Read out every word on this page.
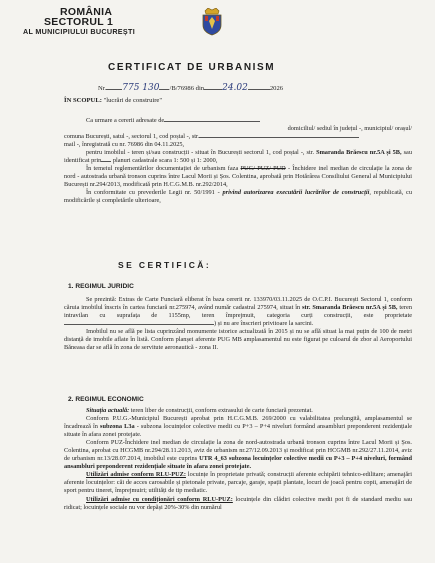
ROMÂNIA
SECTORUL 1
AL MUNICIPIULUI BUCUREȘTI
CERTIFICAT DE URBANISM
Nr. 775 130 /B/76986 din 24.02	2026
ÎN SCOPUL: "lucrări de construire"

Ca urmare a cererii adresate de

domiciliul/ sediul în județul -, municipiul/ orașul/

comuna București, satul -, sectorul 1, cod poștal -, str.

mail -, înregistrată cu nr. 76986 din 04.11.2025,

pentru imobilul - teren și/sau construcții - situat în București sectorul 1, cod poștal -, str. Smaranda Brăescu nr.5A și 5B, sau identificat prin planuri cadastrale scara 1: 500 și 1: 2000,

În temeiul reglementărilor documentației de urbanism faza PUG/ PUZ/ PUD - Închidere inel median de circulație la zona de nord - autostrada urbană tronson cuprins între Lacul Morii și Șos. Colentina, aprobată prin Hotărârea Consiliului General al Municipiului București nr.294/2013, modificată prin H.C.G.M.B. nr.292/2014,

În conformitate cu prevederile Legii nr. 50/1991 - privind autorizarea executării lucrărilor de construcții, republicată, cu modificările și completările ulterioare,

SE CERTIFICĂ:
1. REGIMUL JURIDIC

Se prezintă: Extras de Carte Funciară eliberat în baza cererii nr. 133970/03.11.2025 de O.C.P.I. București Sectorul 1, conform căruia imobilul înscris în cartea funciară nr.275974, având număr cadastral 275974, situat în str. Smaranda Brăescu nr.5A și 5B, teren intravilan cu suprafața de 1155mp, teren împrejmuit, categoria curți construcții, este proprietate) și nu are înscrieri privitoare la sarcini.

Imobilul nu se află pe lista cuprinzând monumente istorice actualizată în 2015 și nu se află situat la mai puțin de 100 de metri distanță de imobile aflate în listă. Conform planșei aferente PUG MB amplasamentul nu este figurat pe culoarul de zbor al Aeroportului Băneasa dar se află în zona de servitute aeronautică - zona II.

2. REGIMUL ECONOMIC

Situația actuală: teren liber de construcții, conform extrasului de carte funciară prezentat.

Conform P.U.G.-Municipiul București aprobat prin H.C.G.M.B. 269/2000 cu valabilitatea prelungită, amplasamentul se încadrează în subzona L3a - subzona locuințelor colective medii cu P+3 – P+4 niveluri formând ansambluri preponderent rezidențiale situate în afara zonei protejate.

Conform PUZ-Închidere inel median de circulație la zona de nord-autostrada urbană tronson cuprins între Lacul Morii și Șos. Colentina, aprobat cu HCGMB nr.294/28.11.2013, aviz de urbanism nr.27/12.09.2013 și modificat prin HCGMB nr.292/27.11.2014, aviz de urbanism nr.13/28.07.2014, imobilul este cuprins UTR 4_63 subzona locuințelor colective medii cu P+3 – P+4 niveluri, formând ansambluri preponderent rezidențiale situate în afara zonei protejate.

Utilizări admise conform RLU-PUZ: locuințe în proprietate privată; construcții aferente echipării tehnico-edilitare; amenajări aferente locuințelor: căi de acces carosabile și pietonale private, parcaje, garaje, spații plantate, locuri de joacă pentru copii, amenajări de sport pentru tineret, împrejmuiri; utilități de tip mediatic.

Utilizări admise cu condiționări conform RLU-PUZ: locuințele din clădiri colective medii pot fi de standard mediu sau ridicat; locuințele sociale nu vor depăși 20%-30% din numărul
